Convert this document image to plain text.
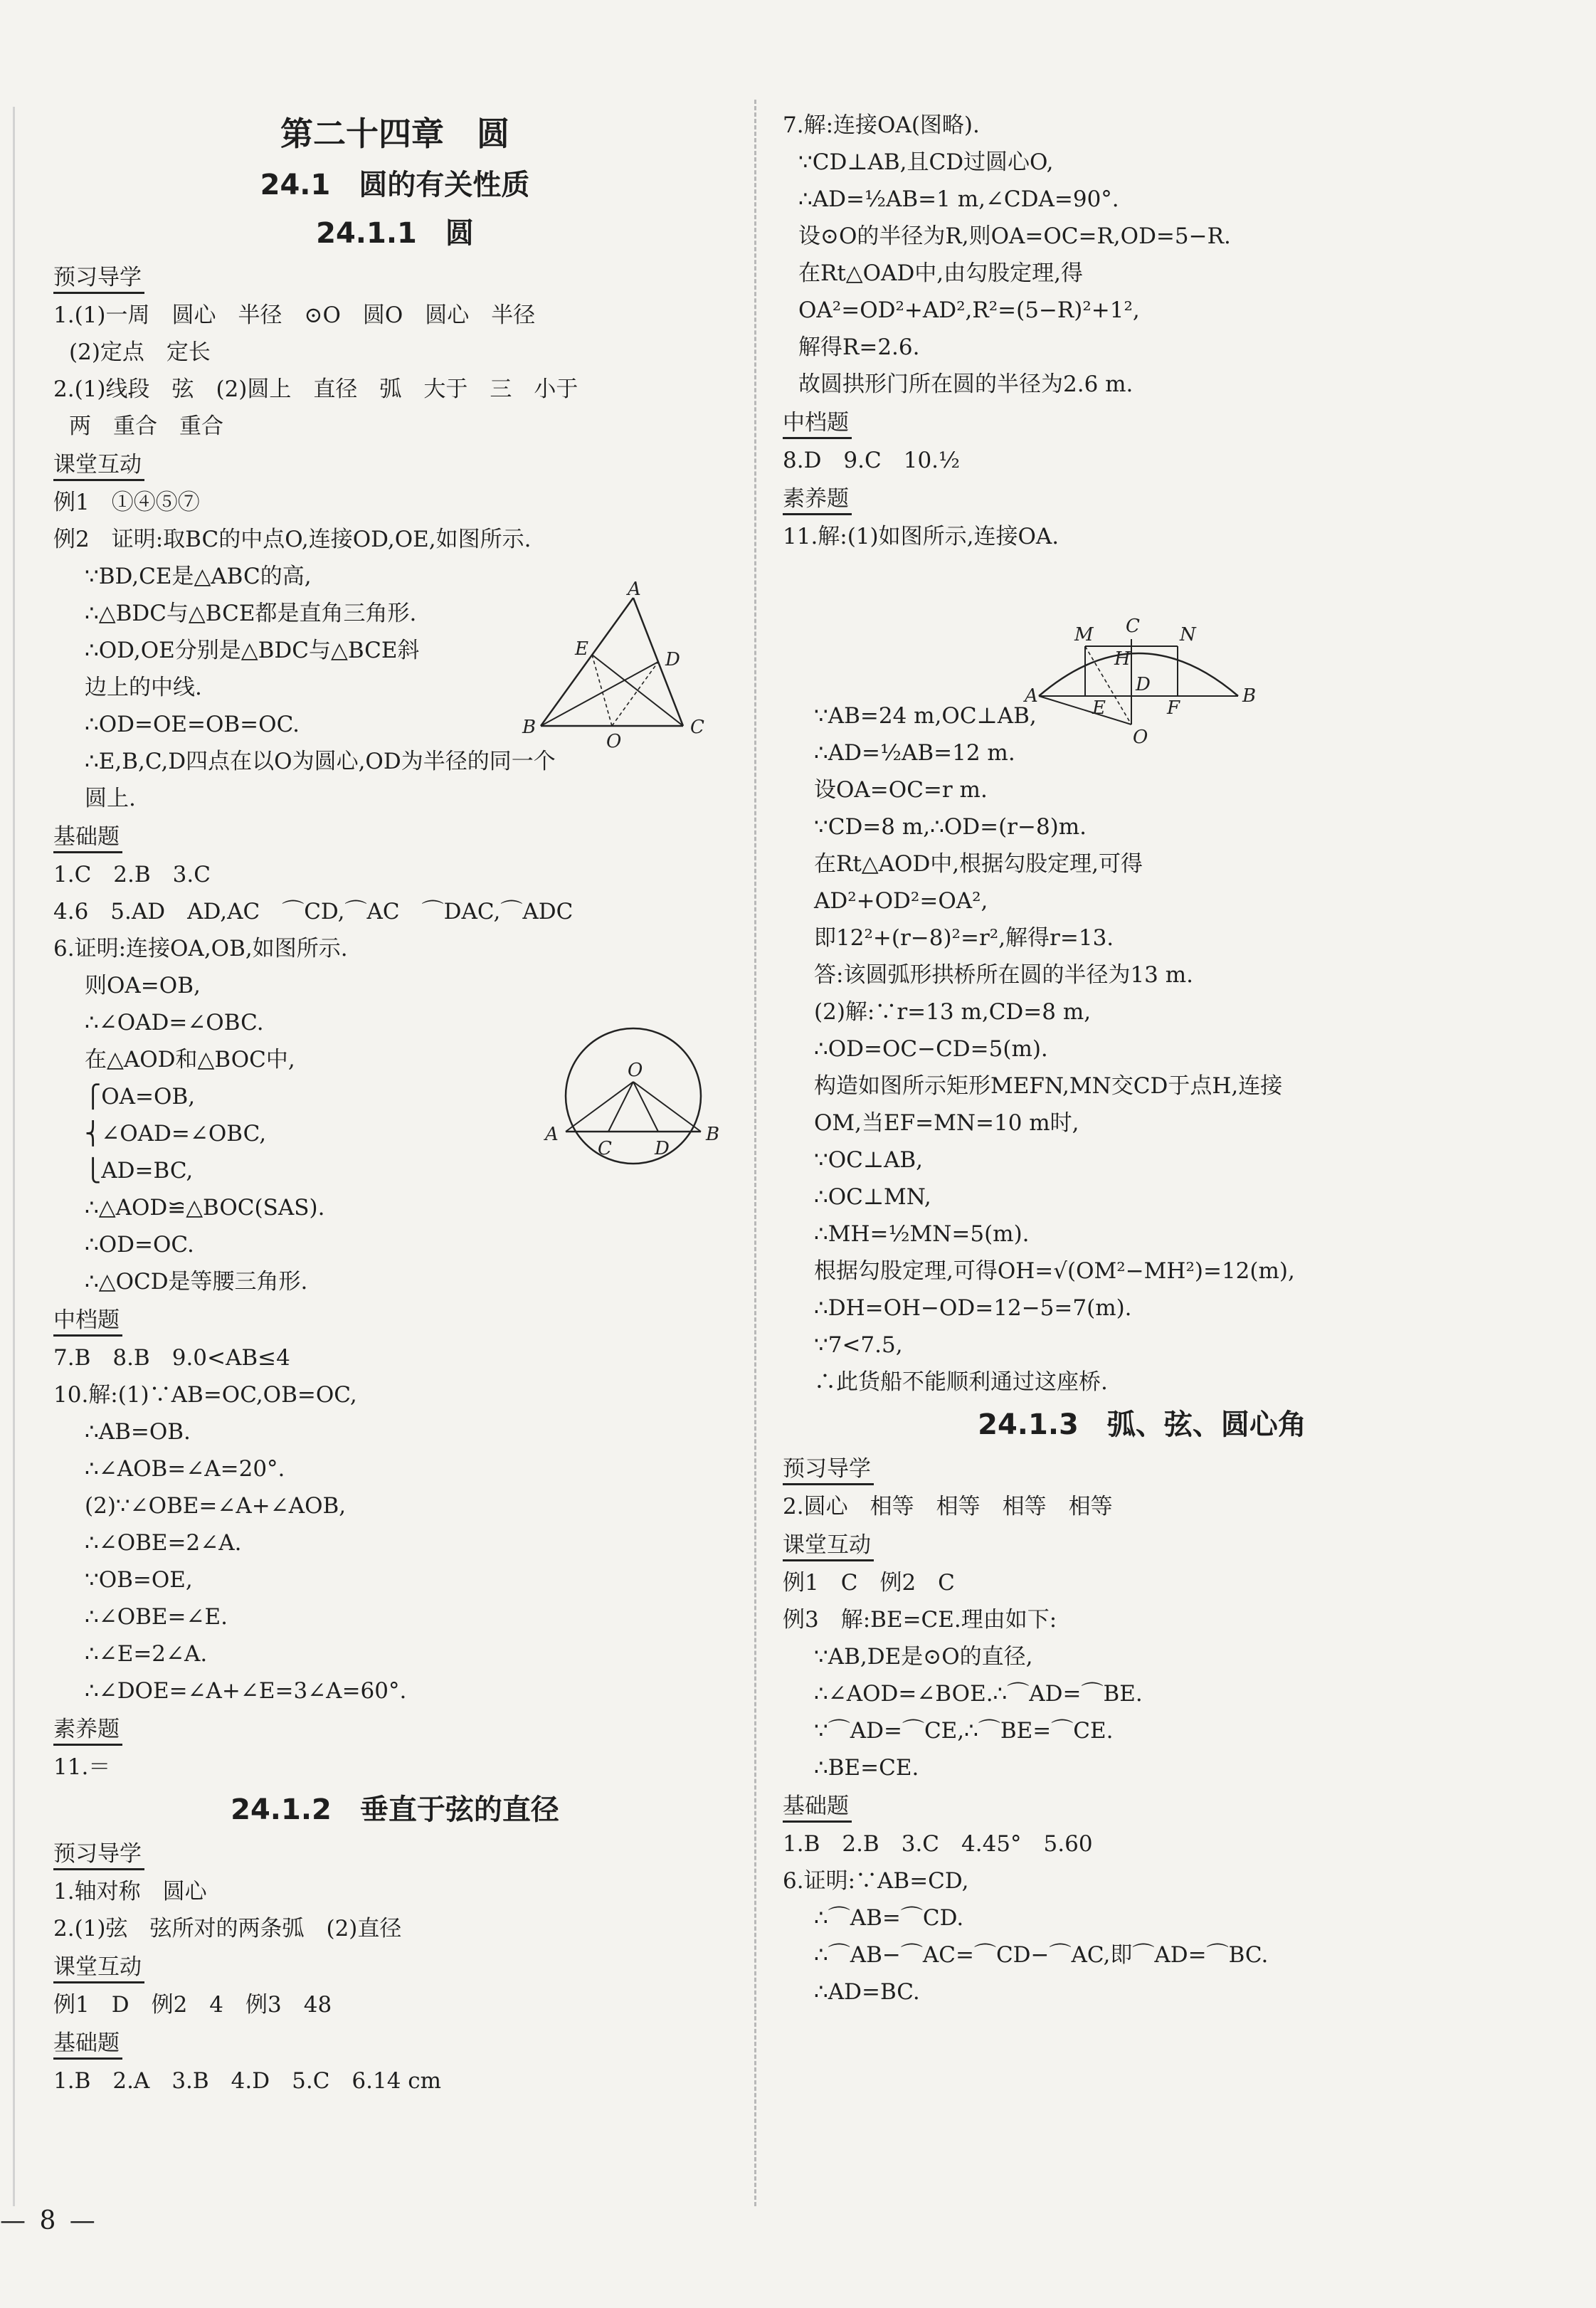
第二十四章　圆
24.1　圆的有关性质
24.1.1　圆
预习导学
1.(1)一周　圆心　半径　⊙O　圆O　圆心　半径
(2)定点　定长
2.(1)线段　弦　(2)圆上　直径　弧　大于　三　小于
两　重合　重合
课堂互动
例1　①④⑤⑦
例2　证明:取BC的中点O,连接OD,OE,如图所示.
∵BD,CE是△ABC的高,
∴△BDC与△BCE都是直角三角形.
∴OD,OE分别是△BDC与△BCE斜
边上的中线.
∴OD=OE=OB=OC.
∴E,B,C,D四点在以O为圆心,OD为半径的同一个
圆上.
基础题
1.C　2.B　3.C
4.6　5.AD　AD,AC　⌒CD,⌒AC　⌒DAC,⌒ADC
6.证明:连接OA,OB,如图所示.
则OA=OB,
∴∠OAD=∠OBC.
在△AOD和△BOC中,
⎧OA=OB,
⎨∠OAD=∠OBC,
⎩AD=BC,
∴△AOD≌△BOC(SAS).
∴OD=OC.
∴△OCD是等腰三角形.
中档题
7.B　8.B　9.0<AB≤4
10.解:(1)∵AB=OC,OB=OC,
∴AB=OB.
∴∠AOB=∠A=20°.
(2)∵∠OBE=∠A+∠AOB,
∴∠OBE=2∠A.
∵OB=OE,
∴∠OBE=∠E.
∴∠E=2∠A.
∴∠DOE=∠A+∠E=3∠A=60°.
素养题
11.＝
24.1.2　垂直于弦的直径
预习导学
1.轴对称　圆心
2.(1)弦　弦所对的两条弧　(2)直径
课堂互动
例1　D　例2　4　例3　48
基础题
1.B　2.A　3.B　4.D　5.C　6.14 cm
7.解:连接OA(图略).
∵CD⊥AB,且CD过圆心O,
∴AD=½AB=1 m,∠CDA=90°.
设⊙O的半径为R,则OA=OC=R,OD=5−R.
在Rt△OAD中,由勾股定理,得
OA²=OD²+AD²,R²=(5−R)²+1²,
解得R=2.6.
故圆拱形门所在圆的半径为2.6 m.
中档题
8.D　9.C　10.½
素养题
11.解:(1)如图所示,连接OA.
∵AB=24 m,OC⊥AB,
∴AD=½AB=12 m.
设OA=OC=r m.
∵CD=8 m,∴OD=(r−8)m.
在Rt△AOD中,根据勾股定理,可得
AD²+OD²=OA²,
即12²+(r−8)²=r²,解得r=13.
答:该圆弧形拱桥所在圆的半径为13 m.
(2)解:∵r=13 m,CD=8 m,
∴OD=OC−CD=5(m).
构造如图所示矩形MEFN,MN交CD于点H,连接
OM,当EF=MN=10 m时,
∵OC⊥AB,
∴OC⊥MN,
∴MH=½MN=5(m).
根据勾股定理,可得OH=√(OM²−MH²)=12(m),
∴DH=OH−OD=12−5=7(m).
∵7<7.5,
∴此货船不能顺利通过这座桥.
24.1.3　弧、弦、圆心角
预习导学
2.圆心　相等　相等　相等　相等
课堂互动
例1　C　例2　C
例3　解:BE=CE.理由如下:
∵AB,DE是⊙O的直径,
∴∠AOD=∠BOE.∴⌒AD=⌒BE.
∵⌒AD=⌒CE,∴⌒BE=⌒CE.
∴BE=CE.
基础题
1.B　2.B　3.C　4.45°　5.60
6.证明:∵AB=CD,
∴⌒AB=⌒CD.
∴⌒AB−⌒AC=⌒CD−⌒AC,即⌒AD=⌒BC.
∴AD=BC.
A
B	C
D
E
O
O
A	B
C D
M C N
H
D
A
E	F
B
O
— 8 —
